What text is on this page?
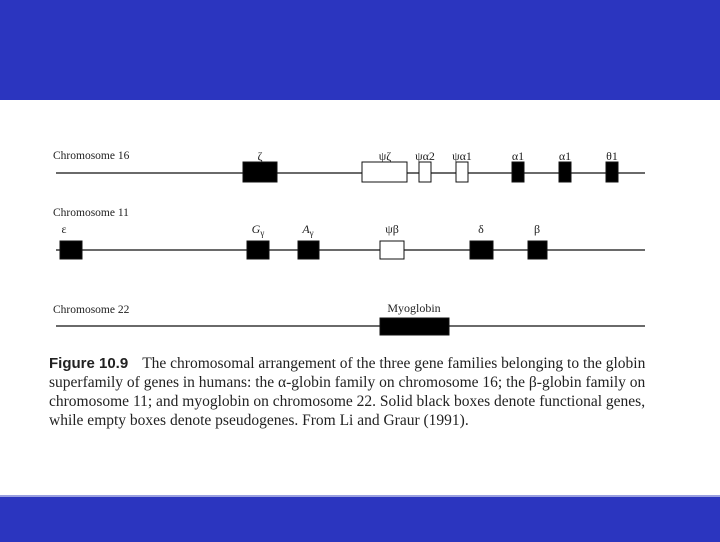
Chromosome 16	ζ	ψζ ψα2 ψα1	α1	α1	θ1
Chromosome 11
ε	$G_\gamma$	$A_\gamma$	ψβ	δ	β
Chromosome 22	Myoglobin
Figure 10.9 The chromosomal arrangement of the three gene families belonging to the globin superfamily of genes in humans: the α-globin family on chromosome 16; the β-globin family on chromosome 11; and myoglobin on chromosome 22. Solid black boxes denote functional genes, while empty boxes denote pseudogenes. From Li and Graur (1991).
